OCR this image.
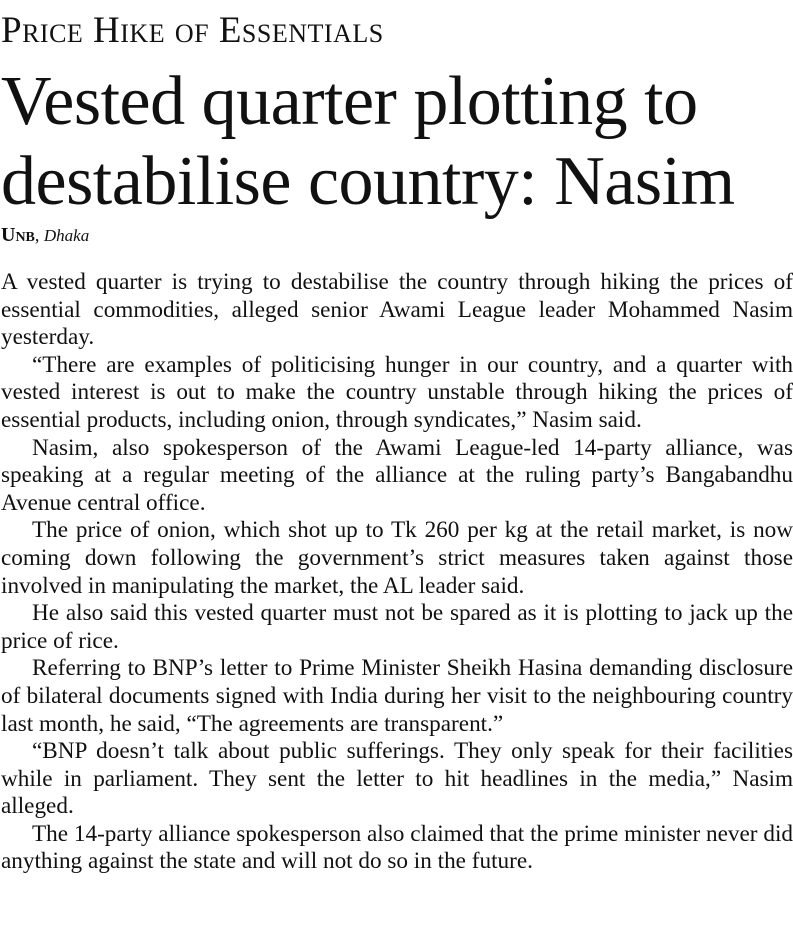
Price Hike of Essentials
Vested quarter plotting to destabilise country: Nasim
Unb, Dhaka

A vested quarter is trying to destabilise the country through hiking the prices of essential commodities, alleged senior Awami League leader Mohammed Nasim yesterday.

“There are examples of politicising hunger in our country, and a quarter with vested interest is out to make the country unstable through hiking the prices of essential products, including onion, through syndicates,” Nasim said.

Nasim, also spokesperson of the Awami League-led 14-party alliance, was speaking at a regular meeting of the alliance at the ruling party’s Bangabandhu Avenue central office.

The price of onion, which shot up to Tk 260 per kg at the retail market, is now coming down following the government’s strict measures taken against those involved in manipulating the market, the AL leader said.

He also said this vested quarter must not be spared as it is plotting to jack up the price of rice.

Referring to BNP’s letter to Prime Minister Sheikh Hasina demanding disclosure of bilateral documents signed with India during her visit to the neighbouring country last month, he said, “The agreements are transparent.”

“BNP doesn’t talk about public sufferings. They only speak for their facilities while in parliament. They sent the letter to hit headlines in the media,” Nasim alleged.

The 14-party alliance spokesperson also claimed that the prime minister never did anything against the state and will not do so in the future.
